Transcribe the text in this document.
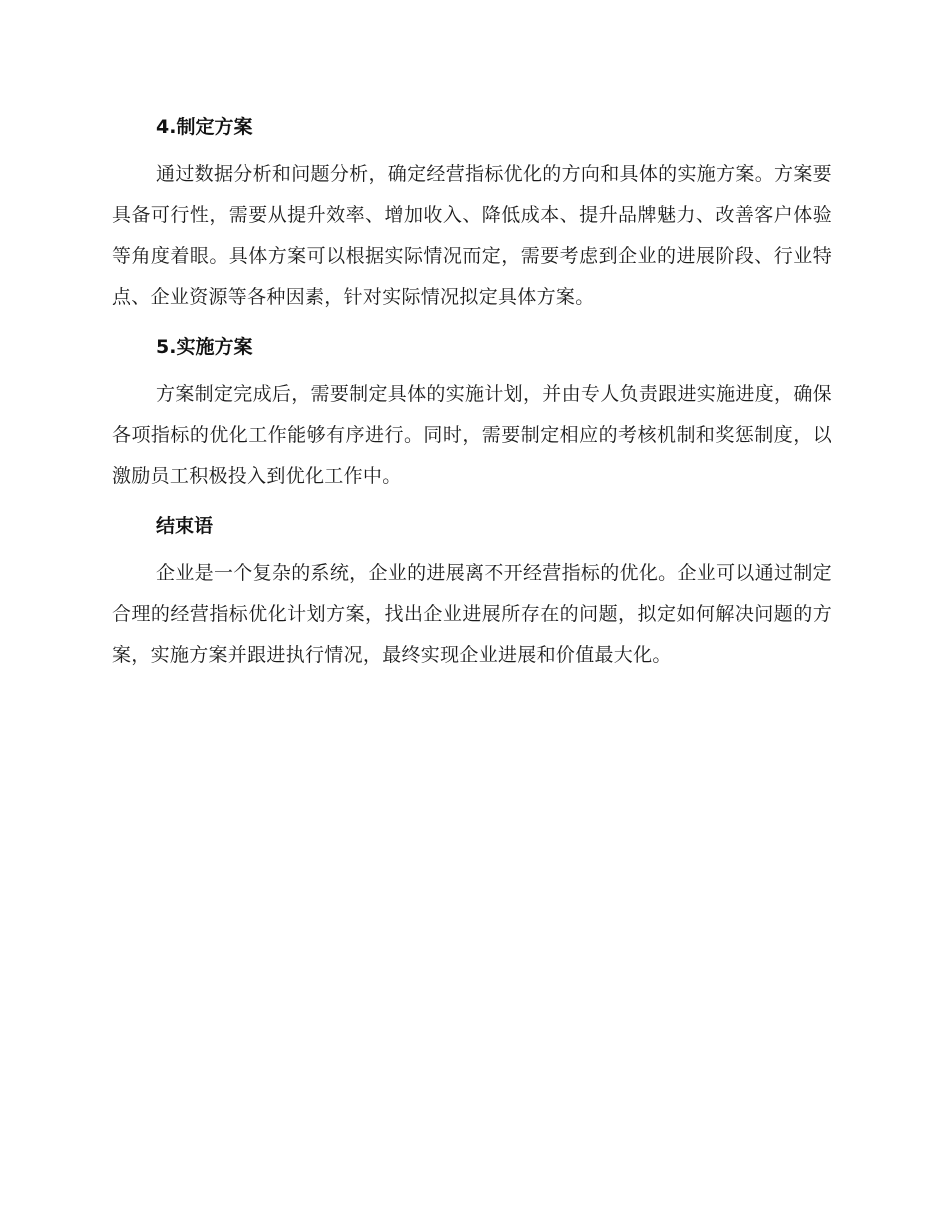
4.制定方案

通过数据分析和问题分析，确定经营指标优化的方向和具体的实施方案。方案要具备可行性，需要从提升效率、增加收入、降低成本、提升品牌魅力、改善客户体验等角度着眼。具体方案可以根据实际情况而定，需要考虑到企业的进展阶段、行业特点、企业资源等各种因素，针对实际情况拟定具体方案。

5.实施方案

方案制定完成后，需要制定具体的实施计划，并由专人负责跟进实施进度，确保各项指标的优化工作能够有序进行。同时，需要制定相应的考核机制和奖惩制度，以激励员工积极投入到优化工作中。

结束语

企业是一个复杂的系统，企业的进展离不开经营指标的优化。企业可以通过制定合理的经营指标优化计划方案，找出企业进展所存在的问题，拟定如何解决问题的方案，实施方案并跟进执行情况，最终实现企业进展和价值最大化。
